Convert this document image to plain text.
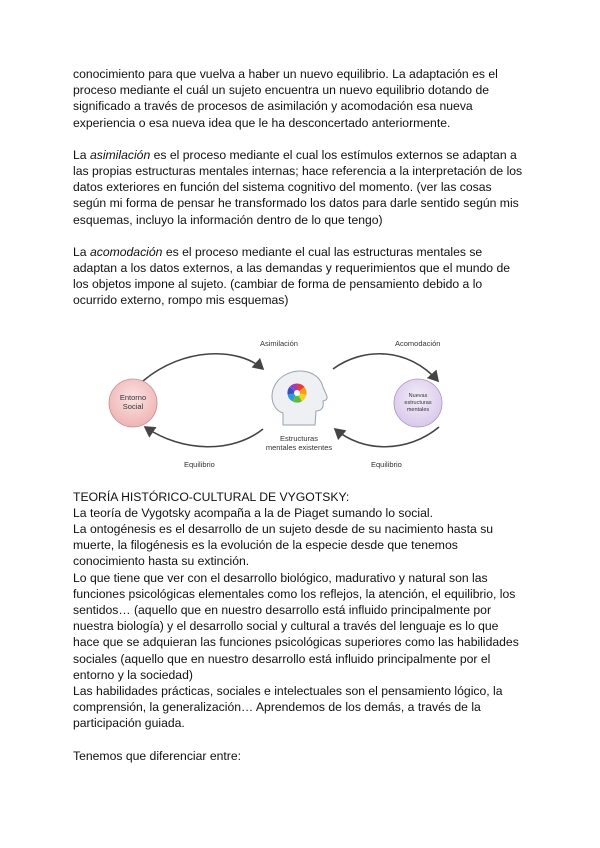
conocimiento para que vuelva a haber un nuevo equilibrio. La adaptación es el proceso mediante el cuál un sujeto encuentra un nuevo equilibrio dotando de significado a través de procesos de asimilación y acomodación esa nueva experiencia o esa nueva idea que le ha desconcertado anteriormente.

La asimilación es el proceso mediante el cual los estímulos externos se adaptan a las propias estructuras mentales internas; hace referencia a la interpretación de los datos exteriores en función del sistema cognitivo del momento. (ver las cosas según mi forma de pensar he transformado los datos para darle sentido según mis esquemas, incluyo la información dentro de lo que tengo)

La acomodación es el proceso mediante el cual las estructuras mentales se adaptan a los datos externos, a las demandas y requerimientos que el mundo de los objetos impone al sujeto. (cambiar de forma de pensamiento debido a lo ocurrido externo, rompo mis esquemas)

Asimilación	Acomodación
Entorno Social
Nuevas estructuras mentales
Estructuras mentales existentes
Equilibrio	Equilibrio

TEORÍA HISTÓRICO-CULTURAL DE VYGOTSKY:

La teoría de Vygotsky acompaña a la de Piaget sumando lo social.

La ontogénesis es el desarrollo de un sujeto desde de su nacimiento hasta su muerte, la filogénesis es la evolución de la especie desde que tenemos conocimiento hasta su extinción.

Lo que tiene que ver con el desarrollo biológico, madurativo y natural son las funciones psicológicas elementales como los reflejos, la atención, el equilibrio, los sentidos… (aquello que en nuestro desarrollo está influido principalmente por nuestra biología) y el desarrollo social y cultural a través del lenguaje es lo que hace que se adquieran las funciones psicológicas superiores como las habilidades sociales (aquello que en nuestro desarrollo está influido principalmente por el entorno y la sociedad)

Las habilidades prácticas, sociales e intelectuales son el pensamiento lógico, la comprensión, la generalización… Aprendemos de los demás, a través de la participación guiada.

Tenemos que diferenciar entre:
